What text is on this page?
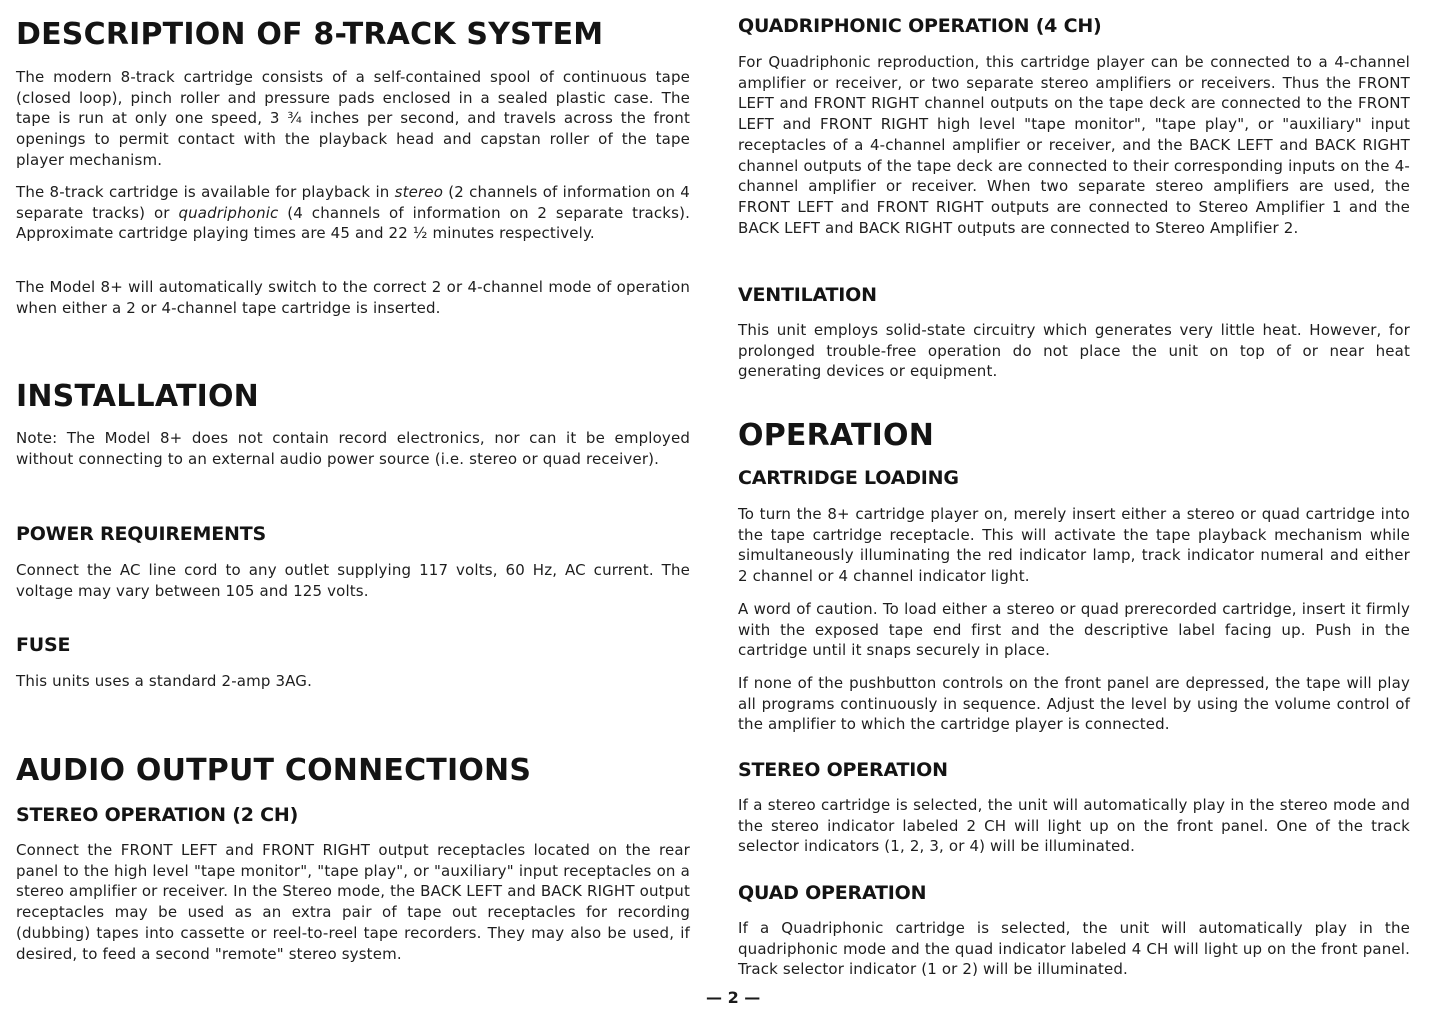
DESCRIPTION OF 8-TRACK SYSTEM

The modern 8-track cartridge consists of a self-contained spool of continuous tape (closed loop), pinch roller and pressure pads enclosed in a sealed plastic case. The tape is run at only one speed, 3 ¾ inches per second, and travels across the front openings to permit contact with the playback head and capstan roller of the tape player mechanism.

The 8-track cartridge is available for playback in stereo (2 channels of information on 4 separate tracks) or quadriphonic (4 channels of information on 2 separate tracks). Approximate cartridge playing times are 45 and 22 ½ minutes respectively.

The Model 8+ will automatically switch to the correct 2 or 4-channel mode of operation when either a 2 or 4-channel tape cartridge is inserted.

INSTALLATION

Note: The Model 8+ does not contain record electronics, nor can it be employed without connecting to an external audio power source (i.e. stereo or quad receiver).

POWER REQUIREMENTS

Connect the AC line cord to any outlet supplying 117 volts, 60 Hz, AC current. The voltage may vary between 105 and 125 volts.

FUSE

This units uses a standard 2-amp 3AG.

AUDIO OUTPUT CONNECTIONS
STEREO OPERATION (2 CH)

Connect the FRONT LEFT and FRONT RIGHT output receptacles located on the rear panel to the high level "tape monitor", "tape play", or "auxiliary" input receptacles on a stereo amplifier or receiver. In the Stereo mode, the BACK LEFT and BACK RIGHT output receptacles may be used as an extra pair of tape out receptacles for recording (dubbing) tapes into cassette or reel-to-reel tape recorders. They may also be used, if desired, to feed a second "remote" stereo system.

QUADRIPHONIC OPERATION (4 CH)

For Quadriphonic reproduction, this cartridge player can be connected to a 4-channel amplifier or receiver, or two separate stereo amplifiers or receivers. Thus the FRONT LEFT and FRONT RIGHT channel outputs on the tape deck are connected to the FRONT LEFT and FRONT RIGHT high level "tape monitor", "tape play", or "auxiliary" input receptacles of a 4-channel amplifier or receiver, and the BACK LEFT and BACK RIGHT channel outputs of the tape deck are connected to their corresponding inputs on the 4-channel amplifier or receiver. When two separate stereo amplifiers are used, the FRONT LEFT and FRONT RIGHT outputs are connected to Stereo Amplifier 1 and the BACK LEFT and BACK RIGHT outputs are connected to Stereo Amplifier 2.

VENTILATION

This unit employs solid-state circuitry which generates very little heat. However, for prolonged trouble-free operation do not place the unit on top of or near heat generating devices or equipment.

OPERATION
CARTRIDGE LOADING

To turn the 8+ cartridge player on, merely insert either a stereo or quad cartridge into the tape cartridge receptacle. This will activate the tape playback mechanism while simultaneously illuminating the red indicator lamp, track indicator numeral and either 2 channel or 4 channel indicator light.

A word of caution. To load either a stereo or quad prerecorded cartridge, insert it firmly with the exposed tape end first and the descriptive label facing up. Push in the cartridge until it snaps securely in place.

If none of the pushbutton controls on the front panel are depressed, the tape will play all programs continuously in sequence. Adjust the level by using the volume control of the amplifier to which the cartridge player is connected.

STEREO OPERATION

If a stereo cartridge is selected, the unit will automatically play in the stereo mode and the stereo indicator labeled 2 CH will light up on the front panel. One of the track selector indicators (1, 2, 3, or 4) will be illuminated.

QUAD OPERATION

If a Quadriphonic cartridge is selected, the unit will automatically play in the quadriphonic mode and the quad indicator labeled 4 CH will light up on the front panel. Track selector indicator (1 or 2) will be illuminated.

— 2 —
